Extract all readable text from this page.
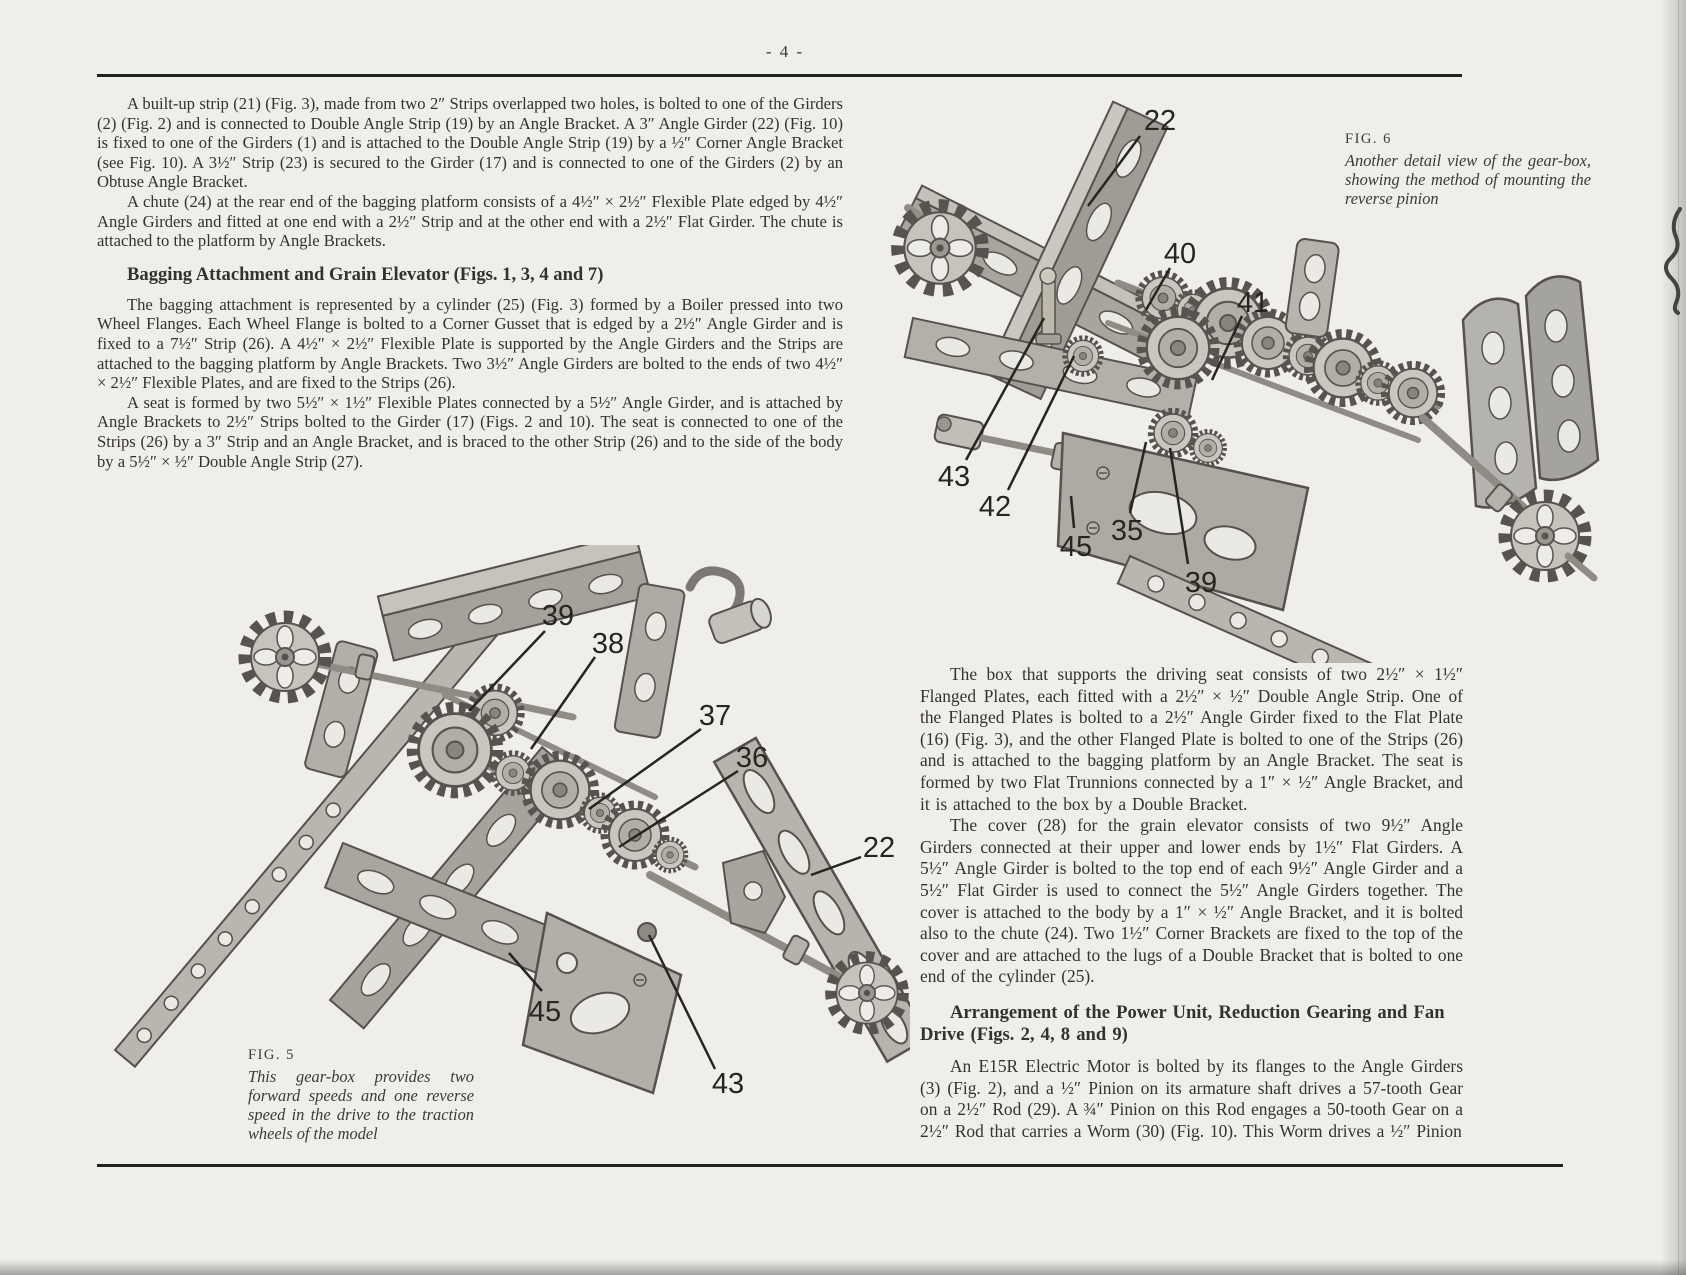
- 4 -

A built-up strip (21) (Fig. 3), made from two 2″ Strips overlapped two holes, is bolted to one of the Girders (2) (Fig. 2) and is connected to Double Angle Strip (19) by an Angle Bracket. A 3″ Angle Girder (22) (Fig. 10) is fixed to one of the Girders (1) and is attached to the Double Angle Strip (19) by a ½″ Corner Angle Bracket (see Fig. 10). A 3½″ Strip (23) is secured to the Girder (17) and is connected to one of the Girders (2) by an Obtuse Angle Bracket.

A chute (24) at the rear end of the bagging platform consists of a 4½″ × 2½″ Flexible Plate edged by 4½″ Angle Girders and fitted at one end with a 2½″ Strip and at the other end with a 2½″ Flat Girder. The chute is attached to the platform by Angle Brackets.

Bagging Attachment and Grain Elevator (Figs. 1, 3, 4 and 7)

The bagging attachment is represented by a cylinder (25) (Fig. 3) formed by a Boiler pressed into two Wheel Flanges. Each Wheel Flange is bolted to a Corner Gusset that is edged by a 2½″ Angle Girder and is fixed to a 7½″ Strip (26). A 4½″ × 2½″ Flexible Plate is supported by the Angle Girders and the Strips are attached to the bagging platform by Angle Brackets. Two 3½″ Angle Girders are bolted to the ends of two 4½″ × 2½″ Flexible Plates, and are fixed to the Strips (26).

A seat is formed by two 5½″ × 1½″ Flexible Plates connected by a 5½″ Angle Girder, and is attached by Angle Brackets to 2½″ Strips bolted to the Girder (17) (Figs. 2 and 10). The seat is connected to one of the Strips (26) by a 3″ Strip and an Angle Bracket, and is braced to the other Strip (26) and to the side of the body by a 5½″ × ½″ Double Angle Strip (27).

The box that supports the driving seat consists of two 2½″ × 1½″ Flanged Plates, each fitted with a 2½″ × ½″ Double Angle Strip. One of the Flanged Plates is bolted to a 2½″ Angle Girder fixed to the Flat Plate (16) (Fig. 3), and the other Flanged Plate is bolted to one of the Strips (26) and is attached to the bagging platform by an Angle Bracket. The seat is formed by two Flat Trunnions connected by a 1″ × ½″ Angle Bracket, and it is attached to the box by a Double Bracket.

The cover (28) for the grain elevator consists of two 9½″ Angle Girders connected at their upper and lower ends by 1½″ Flat Girders. A 5½″ Angle Girder is bolted to the top end of each 9½″ Angle Girder and a 5½″ Flat Girder is used to connect the 5½″ Angle Girders together. The cover is attached to the body by a 1″ × ½″ Angle Bracket, and it is bolted also to the chute (24). Two 1½″ Corner Brackets are fixed to the top of the cover and are attached to the lugs of a Double Bracket that is bolted to one end of the cylinder (25).

Arrangement of the Power Unit, Reduction Gearing and Fan Drive (Figs. 2, 4, 8 and 9)

An E15R Electric Motor is bolted by its flanges to the Angle Girders (3) (Fig. 2), and a ½″ Pinion on its armature shaft drives a 57-tooth Gear on a 2½″ Rod (29). A ¾″ Pinion on this Rod engages a 50-tooth Gear on a 2½″ Rod that carries a Worm (30) (Fig. 10). This Worm drives a ½″ Pinion

22
40
41
43
42
45 35
39

FIG. 6

Another detail view of the gear-box, showing the method of mounting the reverse pinion

39
38
37
36
22
45
43

FIG. 5

This gear-box provides two forward speeds and one reverse speed in the drive to the traction wheels of the model
